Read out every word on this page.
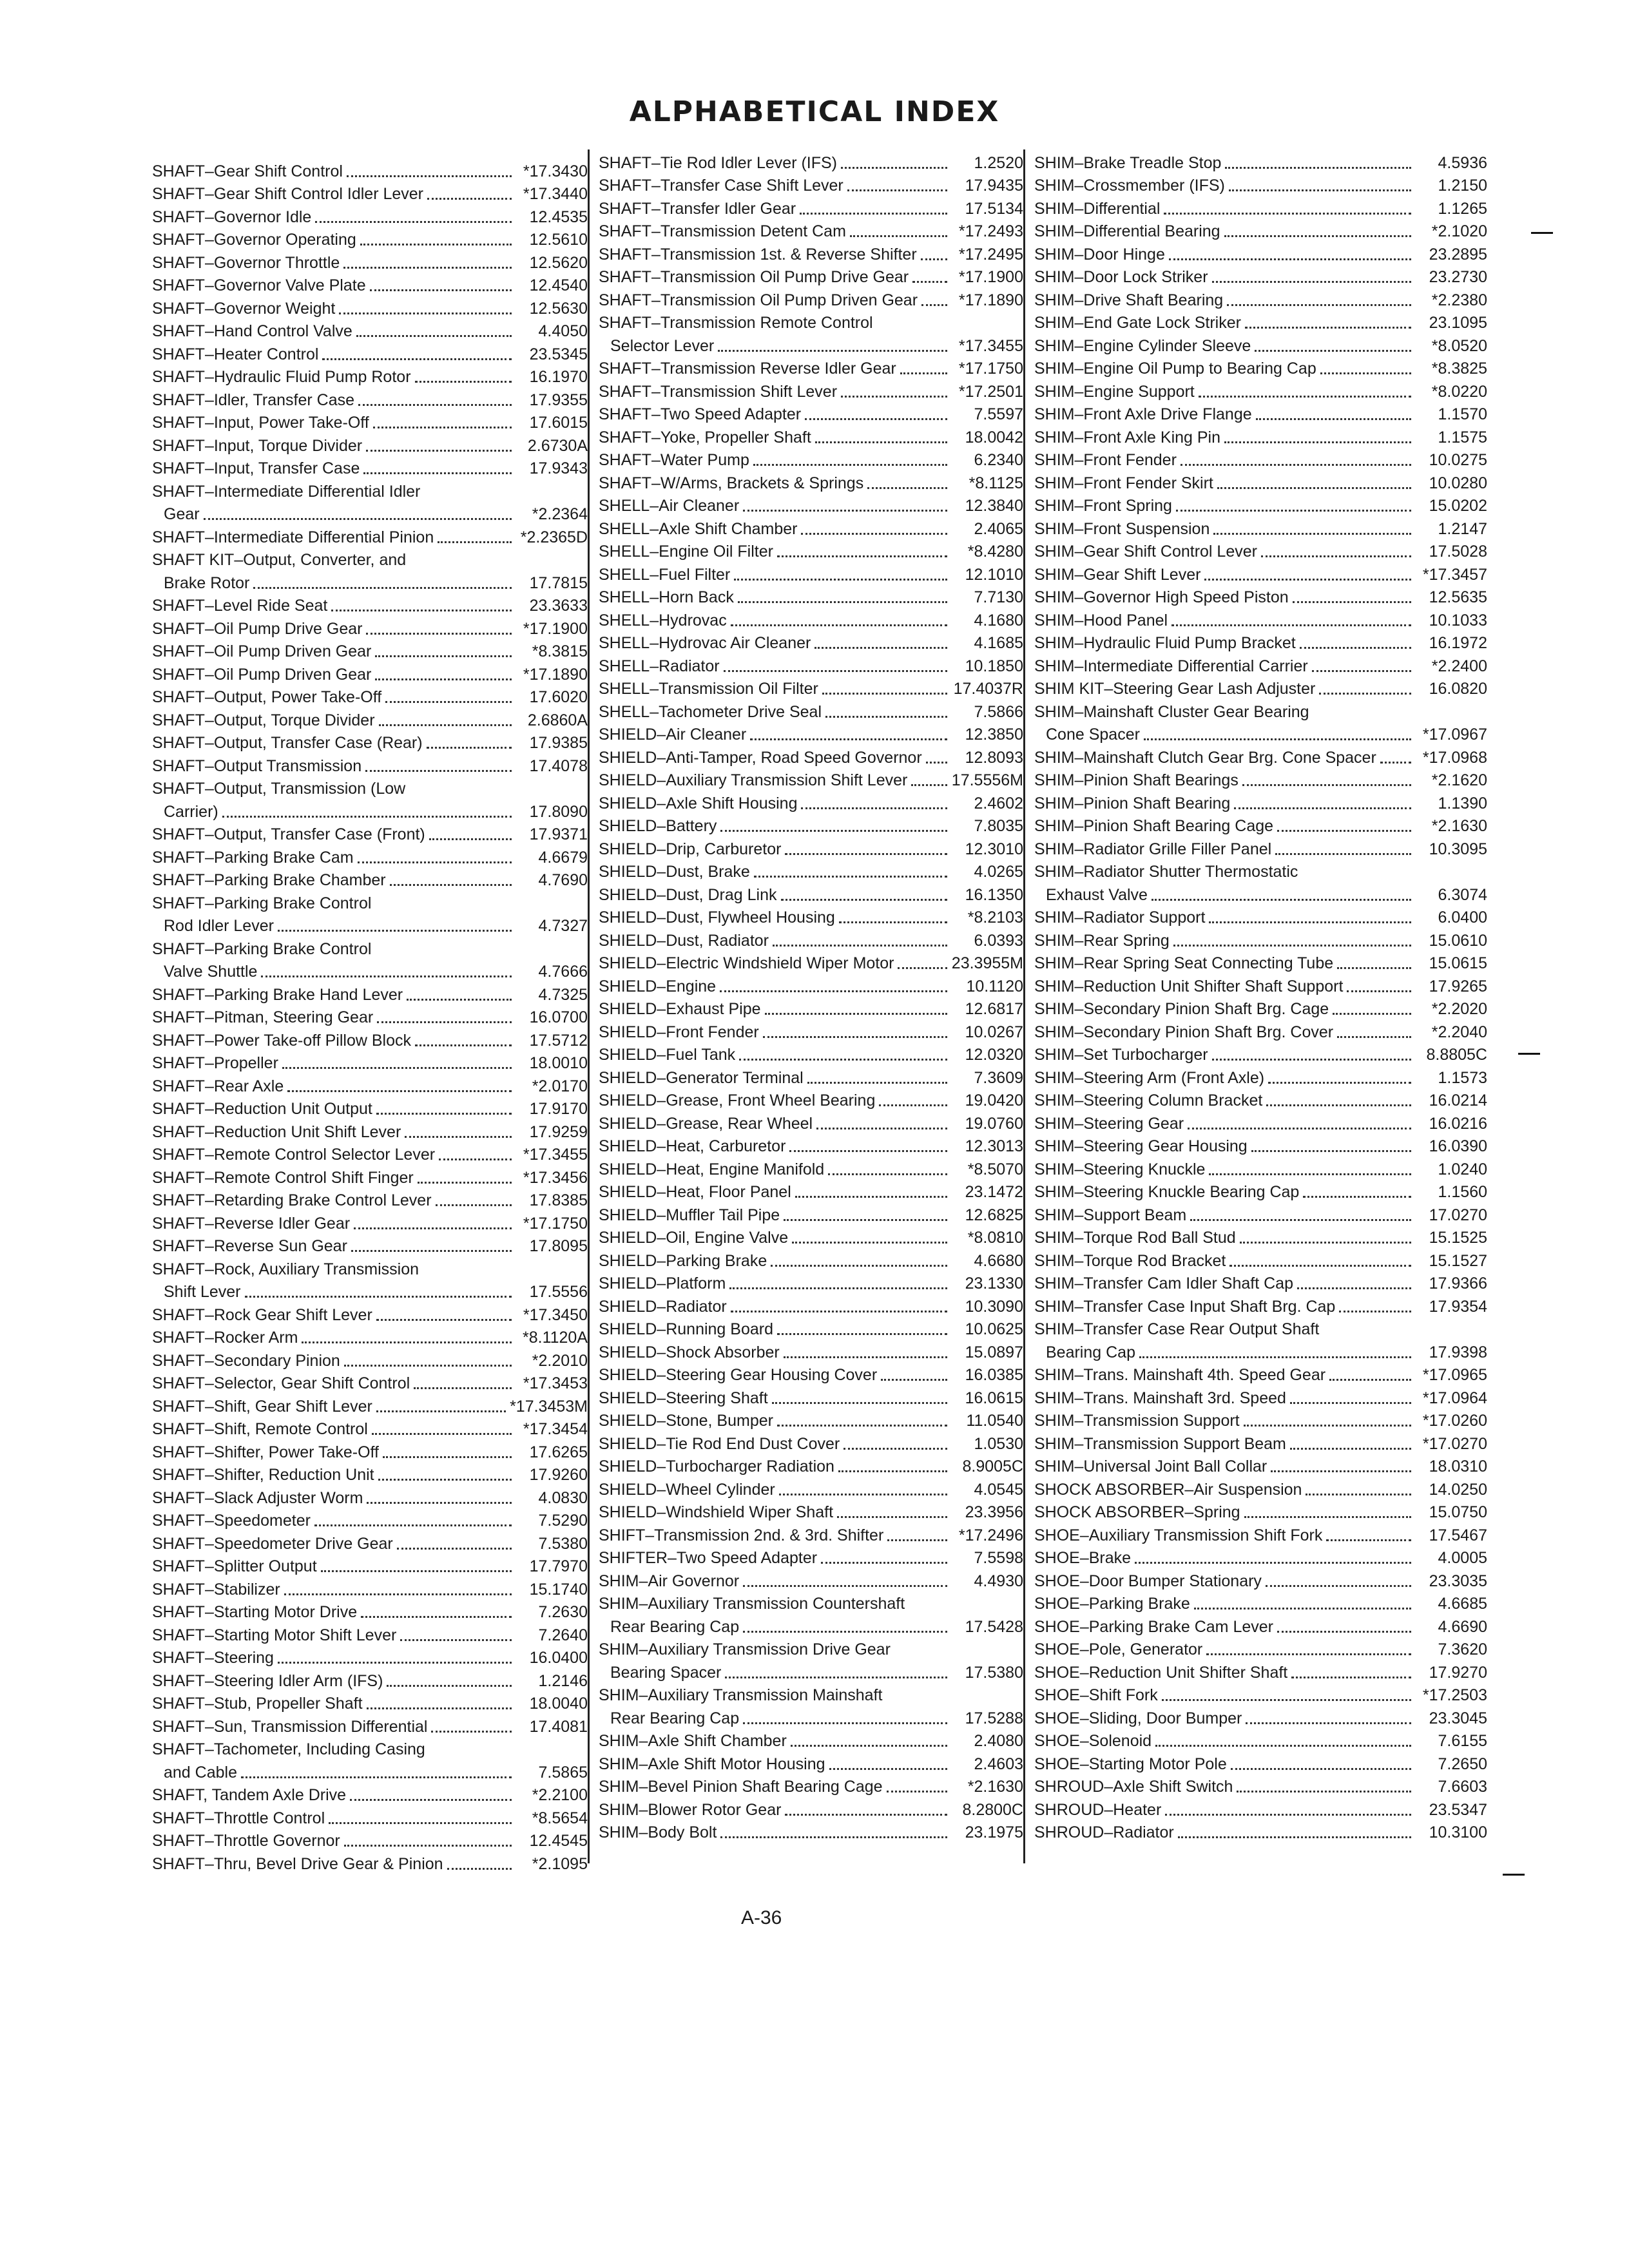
ALPHABETICAL INDEX
SHAFT–Gear Shift Control	*17.3430
SHAFT–Gear Shift Control Idler Lever	*17.3440
SHAFT–Governor Idle	12.4535
SHAFT–Governor Operating	12.5610
SHAFT–Governor Throttle	12.5620
SHAFT–Governor Valve Plate	12.4540
SHAFT–Governor Weight	12.5630
SHAFT–Hand Control Valve	4.4050
SHAFT–Heater Control	23.5345
SHAFT–Hydraulic Fluid Pump Rotor	16.1970
SHAFT–Idler, Transfer Case	17.9355
SHAFT–Input, Power Take-Off	17.6015
SHAFT–Input, Torque Divider	2.6730A
SHAFT–Input, Transfer Case	17.9343
SHAFT–Intermediate Differential Idler
Gear	*2.2364
SHAFT–Intermediate Differential Pinion	*2.2365D
SHAFT KIT–Output, Converter, and
Brake Rotor	17.7815
SHAFT–Level Ride Seat	23.3633
SHAFT–Oil Pump Drive Gear	*17.1900
SHAFT–Oil Pump Driven Gear	*8.3815
SHAFT–Oil Pump Driven Gear	*17.1890
SHAFT–Output, Power Take-Off	17.6020
SHAFT–Output, Torque Divider	2.6860A
SHAFT–Output, Transfer Case (Rear)	17.9385
SHAFT–Output Transmission	17.4078
SHAFT–Output, Transmission (Low
Carrier)	17.8090
SHAFT–Output, Transfer Case (Front)	17.9371
SHAFT–Parking Brake Cam	4.6679
SHAFT–Parking Brake Chamber	4.7690
SHAFT–Parking Brake Control
Rod Idler Lever	4.7327
SHAFT–Parking Brake Control
Valve Shuttle	4.7666
SHAFT–Parking Brake Hand Lever	4.7325
SHAFT–Pitman, Steering Gear	16.0700
SHAFT–Power Take-off Pillow Block	17.5712
SHAFT–Propeller	18.0010
SHAFT–Rear Axle	*2.0170
SHAFT–Reduction Unit Output	17.9170
SHAFT–Reduction Unit Shift Lever	17.9259
SHAFT–Remote Control Selector Lever	*17.3455
SHAFT–Remote Control Shift Finger	*17.3456
SHAFT–Retarding Brake Control Lever	17.8385
SHAFT–Reverse Idler Gear	*17.1750
SHAFT–Reverse Sun Gear	17.8095
SHAFT–Rock, Auxiliary Transmission
Shift Lever	17.5556
SHAFT–Rock Gear Shift Lever	*17.3450
SHAFT–Rocker Arm	*8.1120A
SHAFT–Secondary Pinion	*2.2010
SHAFT–Selector, Gear Shift Control	*17.3453
SHAFT–Shift, Gear Shift Lever	*17.3453M
SHAFT–Shift, Remote Control	*17.3454
SHAFT–Shifter, Power Take-Off	17.6265
SHAFT–Shifter, Reduction Unit	17.9260
SHAFT–Slack Adjuster Worm	4.0830
SHAFT–Speedometer	7.5290
SHAFT–Speedometer Drive Gear	7.5380
SHAFT–Splitter Output	17.7970
SHAFT–Stabilizer	15.1740
SHAFT–Starting Motor Drive	7.2630
SHAFT–Starting Motor Shift Lever	7.2640
SHAFT–Steering	16.0400
SHAFT–Steering Idler Arm (IFS)	1.2146
SHAFT–Stub, Propeller Shaft	18.0040
SHAFT–Sun, Transmission Differential	17.4081
SHAFT–Tachometer, Including Casing
and Cable	7.5865
SHAFT, Tandem Axle Drive	*2.2100
SHAFT–Throttle Control	*8.5654
SHAFT–Throttle Governor	12.4545
SHAFT–Thru, Bevel Drive Gear & Pinion	*2.1095
SHAFT–Tie Rod Idler Lever (IFS)	1.2520
SHAFT–Transfer Case Shift Lever	17.9435
SHAFT–Transfer Idler Gear	17.5134
SHAFT–Transmission Detent Cam	*17.2493
SHAFT–Transmission 1st. & Reverse Shifter	*17.2495
SHAFT–Transmission Oil Pump Drive Gear	*17.1900
SHAFT–Transmission Oil Pump Driven Gear	*17.1890
SHAFT–Transmission Remote Control
Selector Lever	*17.3455
SHAFT–Transmission Reverse Idler Gear	*17.1750
SHAFT–Transmission Shift Lever	*17.2501
SHAFT–Two Speed Adapter	7.5597
SHAFT–Yoke, Propeller Shaft	18.0042
SHAFT–Water Pump	6.2340
SHAFT–W/Arms, Brackets & Springs	*8.1125
SHELL–Air Cleaner	12.3840
SHELL–Axle Shift Chamber	2.4065
SHELL–Engine Oil Filter	*8.4280
SHELL–Fuel Filter	12.1010
SHELL–Horn Back	7.7130
SHELL–Hydrovac	4.1680
SHELL–Hydrovac Air Cleaner	4.1685
SHELL–Radiator	10.1850
SHELL–Transmission Oil Filter	17.4037R
SHELL–Tachometer Drive Seal	7.5866
SHIELD–Air Cleaner	12.3850
SHIELD–Anti-Tamper, Road Speed Governor	12.8093
SHIELD–Auxiliary Transmission Shift Lever	17.5556M
SHIELD–Axle Shift Housing	2.4602
SHIELD–Battery	7.8035
SHIELD–Drip, Carburetor	12.3010
SHIELD–Dust, Brake	4.0265
SHIELD–Dust, Drag Link	16.1350
SHIELD–Dust, Flywheel Housing	*8.2103
SHIELD–Dust, Radiator	6.0393
SHIELD–Electric Windshield Wiper Motor	23.3955M
SHIELD–Engine	10.1120
SHIELD–Exhaust Pipe	12.6817
SHIELD–Front Fender	10.0267
SHIELD–Fuel Tank	12.0320
SHIELD–Generator Terminal	7.3609
SHIELD–Grease, Front Wheel Bearing	19.0420
SHIELD–Grease, Rear Wheel	19.0760
SHIELD–Heat, Carburetor	12.3013
SHIELD–Heat, Engine Manifold	*8.5070
SHIELD–Heat, Floor Panel	23.1472
SHIELD–Muffler Tail Pipe	12.6825
SHIELD–Oil, Engine Valve	*8.0810
SHIELD–Parking Brake	4.6680
SHIELD–Platform	23.1330
SHIELD–Radiator	10.3090
SHIELD–Running Board	10.0625
SHIELD–Shock Absorber	15.0897
SHIELD–Steering Gear Housing Cover	16.0385
SHIELD–Steering Shaft	16.0615
SHIELD–Stone, Bumper	11.0540
SHIELD–Tie Rod End Dust Cover	1.0530
SHIELD–Turbocharger Radiation	8.9005C
SHIELD–Wheel Cylinder	4.0545
SHIELD–Windshield Wiper Shaft	23.3956
SHIFT–Transmission 2nd. & 3rd. Shifter	*17.2496
SHIFTER–Two Speed Adapter	7.5598
SHIM–Air Governor	4.4930
SHIM–Auxiliary Transmission Countershaft
Rear Bearing Cap	17.5428
SHIM–Auxiliary Transmission Drive Gear
Bearing Spacer	17.5380
SHIM–Auxiliary Transmission Mainshaft
Rear Bearing Cap	17.5288
SHIM–Axle Shift Chamber	2.4080
SHIM–Axle Shift Motor Housing	2.4603
SHIM–Bevel Pinion Shaft Bearing Cage	*2.1630
SHIM–Blower Rotor Gear	8.2800C
SHIM–Body Bolt	23.1975
SHIM–Brake Treadle Stop	4.5936
SHIM–Crossmember (IFS)	1.2150
SHIM–Differential	1.1265
SHIM–Differential Bearing	*2.1020
SHIM–Door Hinge	23.2895
SHIM–Door Lock Striker	23.2730
SHIM–Drive Shaft Bearing	*2.2380
SHIM–End Gate Lock Striker	23.1095
SHIM–Engine Cylinder Sleeve	*8.0520
SHIM–Engine Oil Pump to Bearing Cap	*8.3825
SHIM–Engine Support	*8.0220
SHIM–Front Axle Drive Flange	1.1570
SHIM–Front Axle King Pin	1.1575
SHIM–Front Fender	10.0275
SHIM–Front Fender Skirt	10.0280
SHIM–Front Spring	15.0202
SHIM–Front Suspension	1.2147
SHIM–Gear Shift Control Lever	17.5028
SHIM–Gear Shift Lever	*17.3457
SHIM–Governor High Speed Piston	12.5635
SHIM–Hood Panel	10.1033
SHIM–Hydraulic Fluid Pump Bracket	16.1972
SHIM–Intermediate Differential Carrier	*2.2400
SHIM KIT–Steering Gear Lash Adjuster	16.0820
SHIM–Mainshaft Cluster Gear Bearing
Cone Spacer	*17.0967
SHIM–Mainshaft Clutch Gear Brg. Cone Spacer	*17.0968
SHIM–Pinion Shaft Bearings	*2.1620
SHIM–Pinion Shaft Bearing	1.1390
SHIM–Pinion Shaft Bearing Cage	*2.1630
SHIM–Radiator Grille Filler Panel	10.3095
SHIM–Radiator Shutter Thermostatic
Exhaust Valve	6.3074
SHIM–Radiator Support	6.0400
SHIM–Rear Spring	15.0610
SHIM–Rear Spring Seat Connecting Tube	15.0615
SHIM–Reduction Unit Shifter Shaft Support	17.9265
SHIM–Secondary Pinion Shaft Brg. Cage	*2.2020
SHIM–Secondary Pinion Shaft Brg. Cover	*2.2040
SHIM–Set Turbocharger	8.8805C
SHIM–Steering Arm (Front Axle)	1.1573
SHIM–Steering Column Bracket	16.0214
SHIM–Steering Gear	16.0216
SHIM–Steering Gear Housing	16.0390
SHIM–Steering Knuckle	1.0240
SHIM–Steering Knuckle Bearing Cap	1.1560
SHIM–Support Beam	17.0270
SHIM–Torque Rod Ball Stud	15.1525
SHIM–Torque Rod Bracket	15.1527
SHIM–Transfer Cam Idler Shaft Cap	17.9366
SHIM–Transfer Case Input Shaft Brg. Cap	17.9354
SHIM–Transfer Case Rear Output Shaft
Bearing Cap	17.9398
SHIM–Trans. Mainshaft 4th. Speed Gear	*17.0965
SHIM–Trans. Mainshaft 3rd. Speed	*17.0964
SHIM–Transmission Support	*17.0260
SHIM–Transmission Support Beam	*17.0270
SHIM–Universal Joint Ball Collar	18.0310
SHOCK ABSORBER–Air Suspension	14.0250
SHOCK ABSORBER–Spring	15.0750
SHOE–Auxiliary Transmission Shift Fork	17.5467
SHOE–Brake	4.0005
SHOE–Door Bumper Stationary	23.3035
SHOE–Parking Brake	4.6685
SHOE–Parking Brake Cam Lever	4.6690
SHOE–Pole, Generator	7.3620
SHOE–Reduction Unit Shifter Shaft	17.9270
SHOE–Shift Fork	*17.2503
SHOE–Sliding, Door Bumper	23.3045
SHOE–Solenoid	7.6155
SHOE–Starting Motor Pole	7.2650
SHROUD–Axle Shift Switch	7.6603
SHROUD–Heater	23.5347
SHROUD–Radiator	10.3100
A-36
